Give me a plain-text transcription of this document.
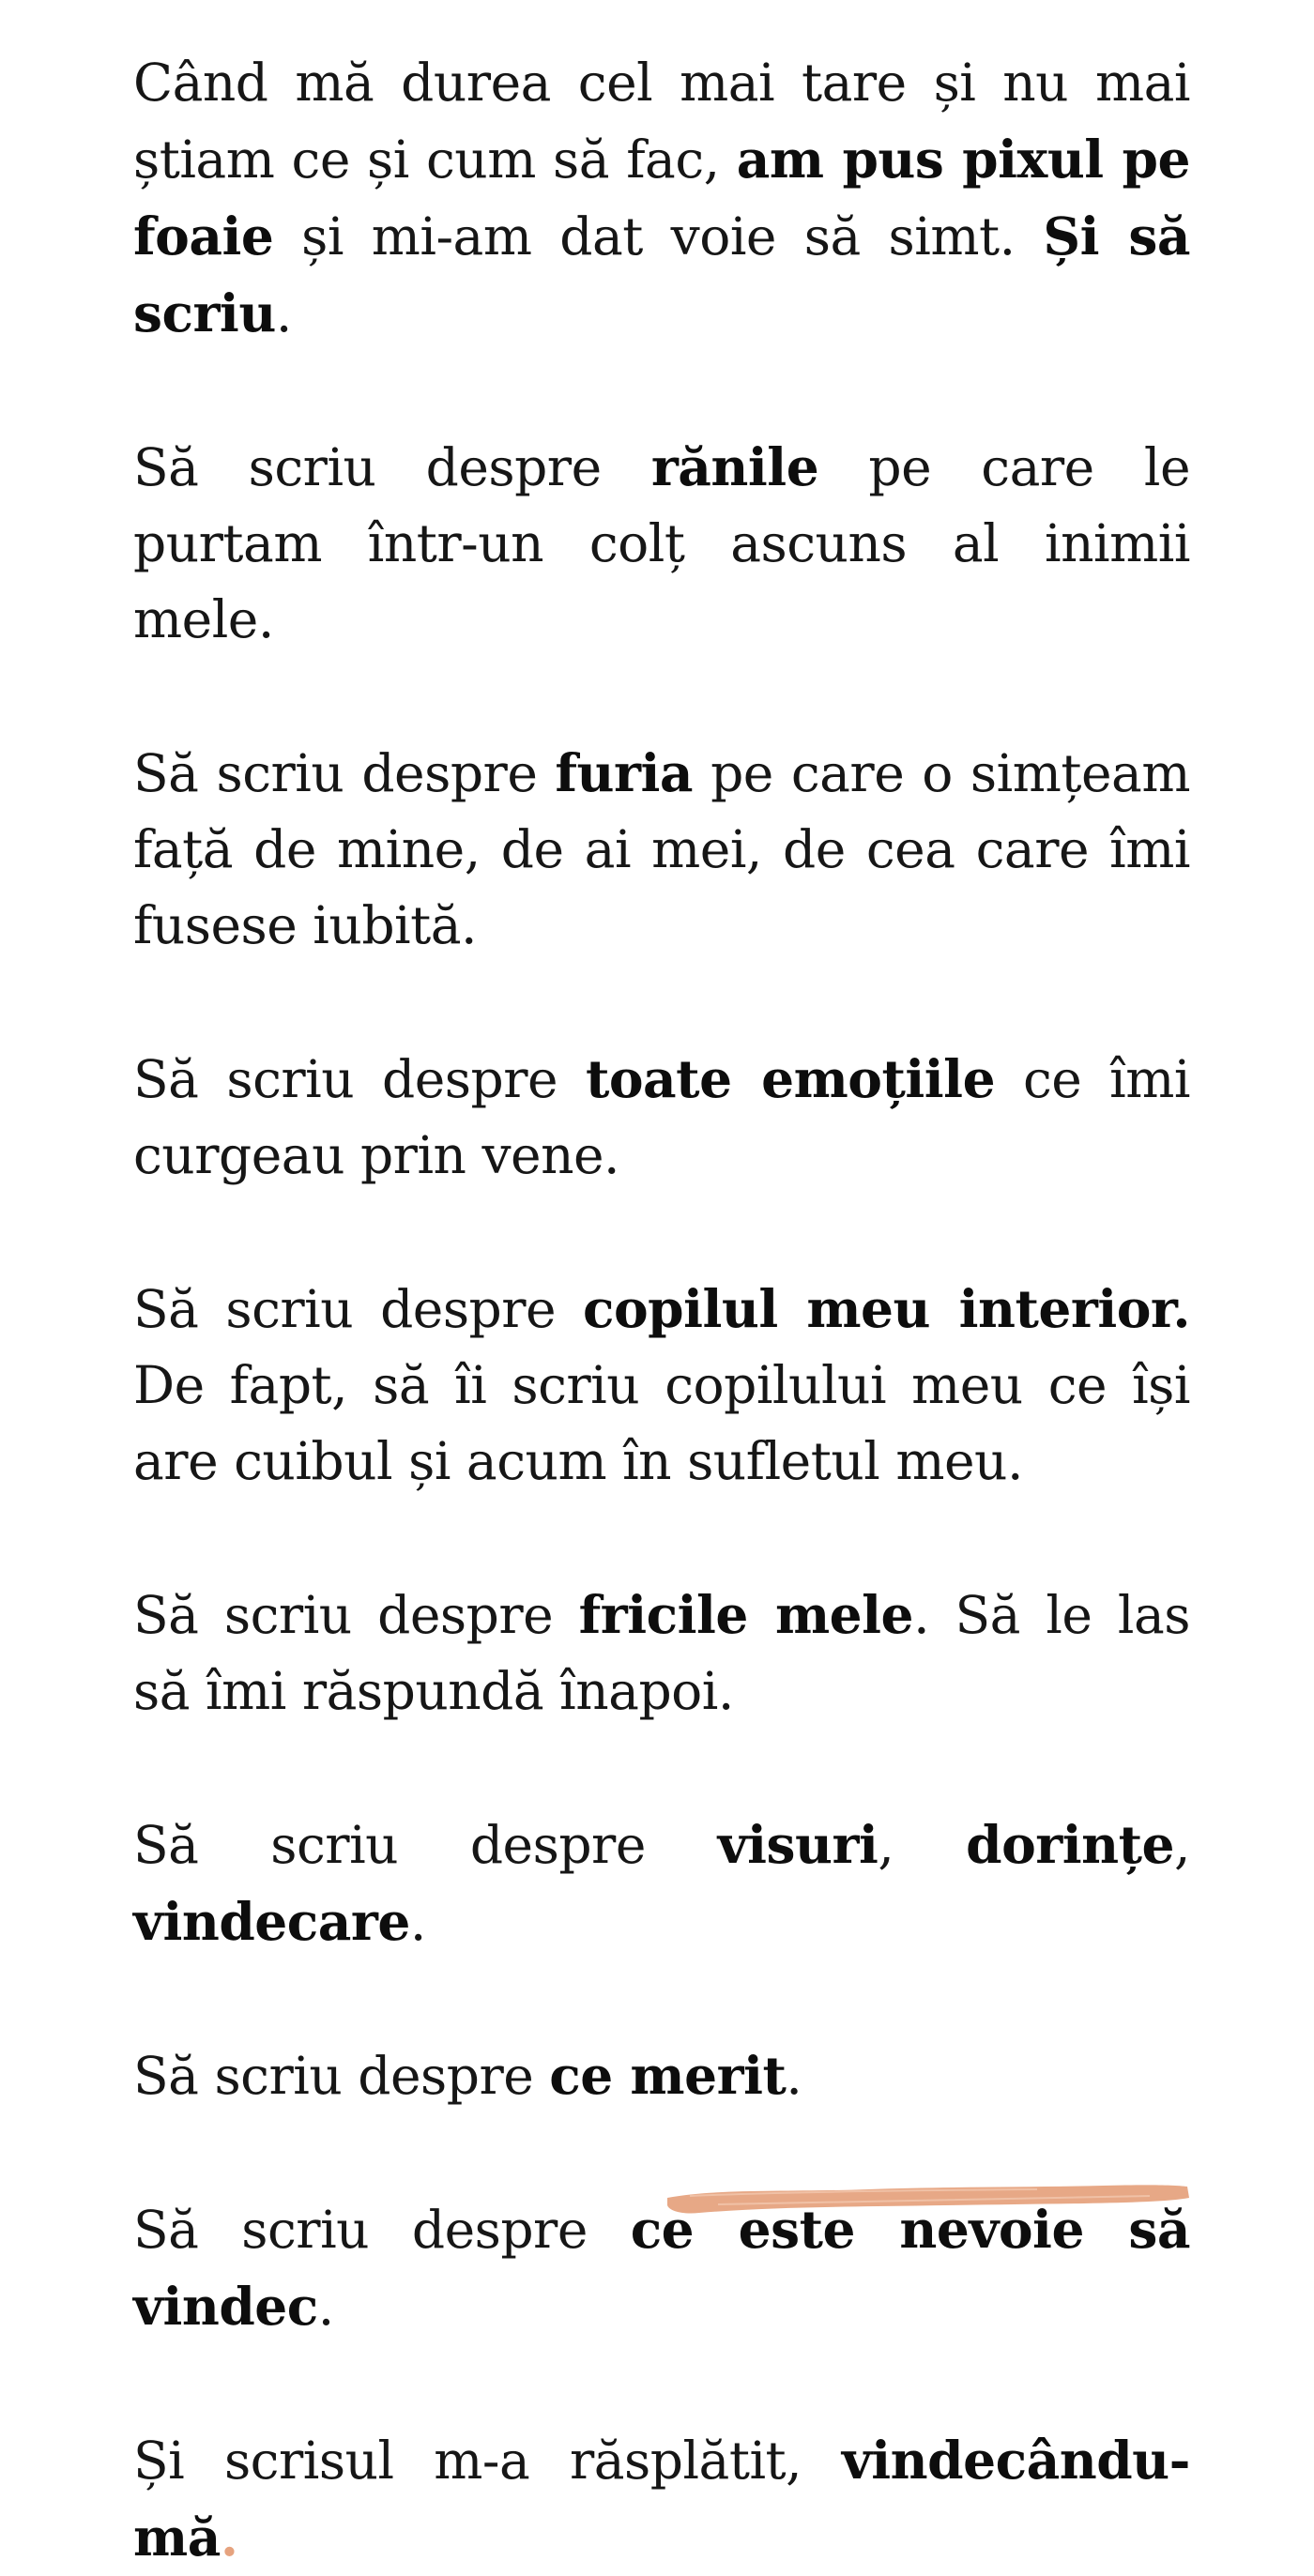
Când mă durea cel mai tare și nu mai știam ce și cum să fac, am pus pixul pe foaie și mi-am dat voie să simt. Și să scriu.

Să scriu despre rănile pe care le purtam într-un colț ascuns al inimii mele.

Să scriu despre furia pe care o simțeam față de mine, de ai mei, de cea care îmi fusese iubită.

Să scriu despre toate emoțiile ce îmi curgeau prin vene.

Să scriu despre copilul meu interior. De fapt, să îi scriu copilului meu ce își are cuibul și acum în sufletul meu.

Să scriu despre fricile mele. Să le las să îmi răspundă înapoi.

Să scriu despre visuri, dorințe, vindecare.

Să scriu despre ce merit.

Să scriu despre ce este nevoie să vindec.

Și scrisul m-a răsplătit, vindecându-mă.
